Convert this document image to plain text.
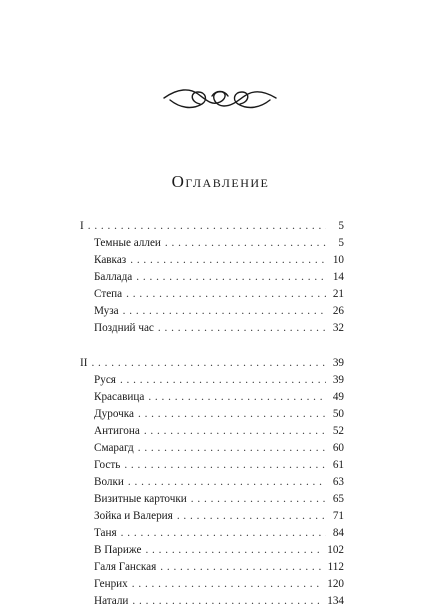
Оглавление
I . . .	5
Темные аллеи . . .	5
Кавказ . . .	10
Баллада . . .	14
Степа . . .	21
Муза . . .	26
Поздний час . . .	32
II . . .	39
Руся . . .	39
Красавица . . .	49
Дурочка . . .	50
Антигона . . .	52
Смарагд . . .	60
Гость . . .	61
Волки . . .	63
Визитные карточки . . .	65
Зойка и Валерия . . .	71
Таня . . .	84
В Париже . . .	102
Галя Ганская . . .	112
Генрих . . .	120
Натали . . .	134
